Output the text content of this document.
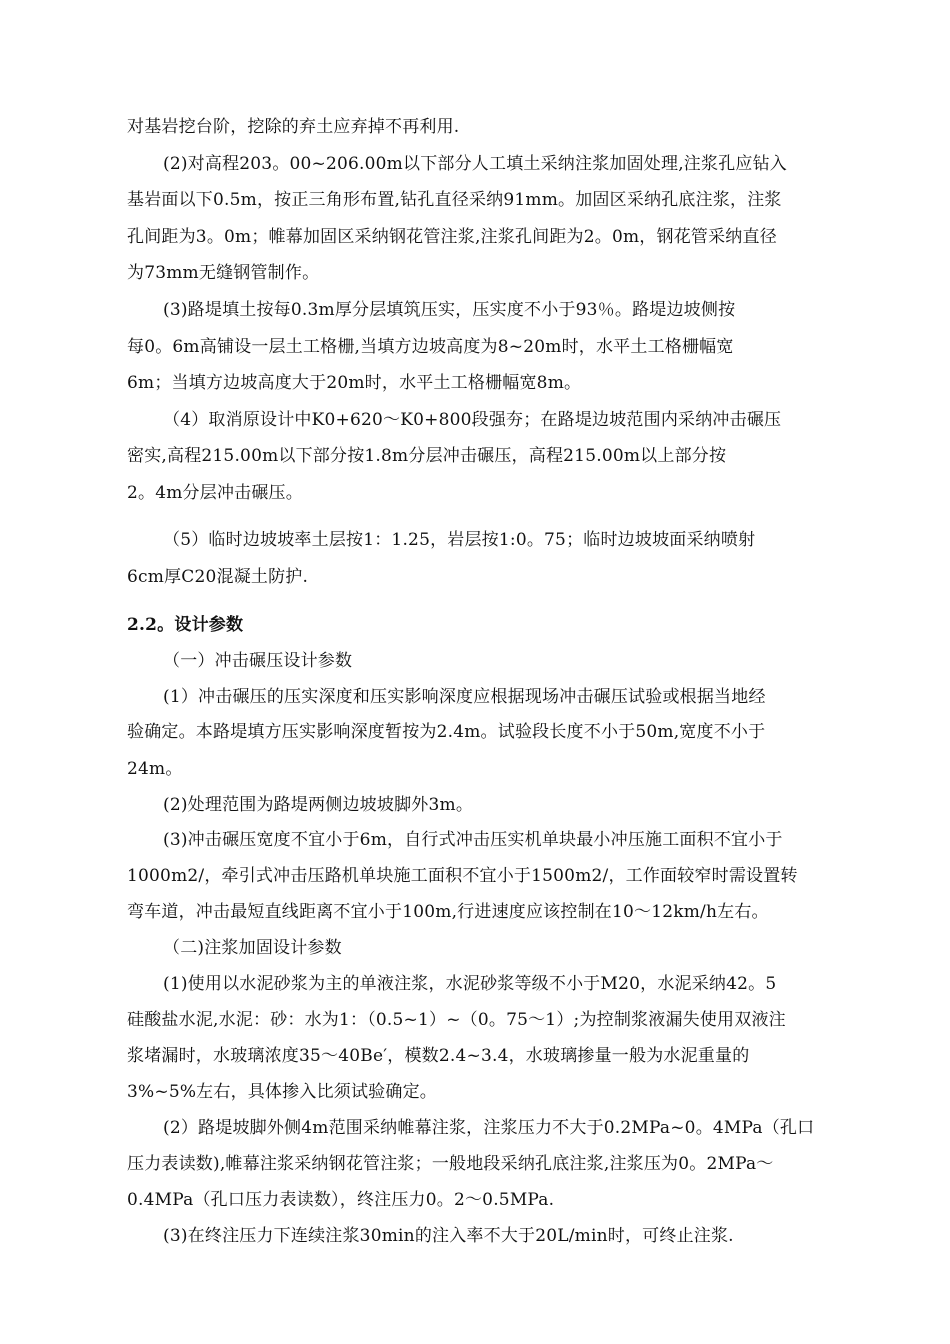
对基岩挖台阶，挖除的弃土应弃掉不再利用.
(2)对高程203。00~206.00m以下部分人工填土采纳注浆加固处理,注浆孔应钻入
基岩面以下0.5m，按正三角形布置,钻孔直径采纳91mm。加固区采纳孔底注浆，注浆
孔间距为3。0m；帷幕加固区采纳钢花管注浆,注浆孔间距为2。0m，钢花管采纳直径
为73mm无缝钢管制作。
(3)路堤填土按每0.3m厚分层填筑压实，压实度不小于93％。路堤边坡侧按
每0。6m高铺设一层土工格栅,当填方边坡高度为8~20m时，水平土工格栅幅宽
6m；当填方边坡高度大于20m时，水平土工格栅幅宽8m。
（4）取消原设计中K0+620～K0+800段强夯；在路堤边坡范围内采纳冲击碾压
密实,高程215.00m以下部分按1.8m分层冲击碾压，高程215.00m以上部分按
2。4m分层冲击碾压。
（5）临时边坡坡率土层按1：1.25，岩层按1:0。75；临时边坡坡面采纳喷射
6cm厚C20混凝土防护.
2.2。设计参数
（一）冲击碾压设计参数
(1）冲击碾压的压实深度和压实影响深度应根据现场冲击碾压试验或根据当地经
验确定。本路堤填方压实影响深度暂按为2.4m。试验段长度不小于50m,宽度不小于
24m。
(2)处理范围为路堤两侧边坡坡脚外3m。
(3)冲击碾压宽度不宜小于6m，自行式冲击压实机单块最小冲压施工面积不宜小于
1000m2/，牵引式冲击压路机单块施工面积不宜小于1500m2/，工作面较窄时需设置转
弯车道，冲击最短直线距离不宜小于100m,行进速度应该控制在10～12km/h左右。
（二)注浆加固设计参数
(1)使用以水泥砂浆为主的单液注浆，水泥砂浆等级不小于M20，水泥采纳42。5
硅酸盐水泥,水泥：砂：水为1：（0.5~1）~（0。75～1）;为控制浆液漏失使用双液注
浆堵漏时，水玻璃浓度35～40Be′，模数2.4~3.4，水玻璃掺量一般为水泥重量的
3%~5%左右，具体掺入比须试验确定。
(2）路堤坡脚外侧4m范围采纳帷幕注浆，注浆压力不大于0.2MPa~0。4MPa（孔口
压力表读数),帷幕注浆采纳钢花管注浆；一般地段采纳孔底注浆,注浆压为0。2MPa～
0.4MPa（孔口压力表读数），终注压力0。2～0.5MPa.
(3)在终注压力下连续注浆30min的注入率不大于20L/min时，可终止注浆.
